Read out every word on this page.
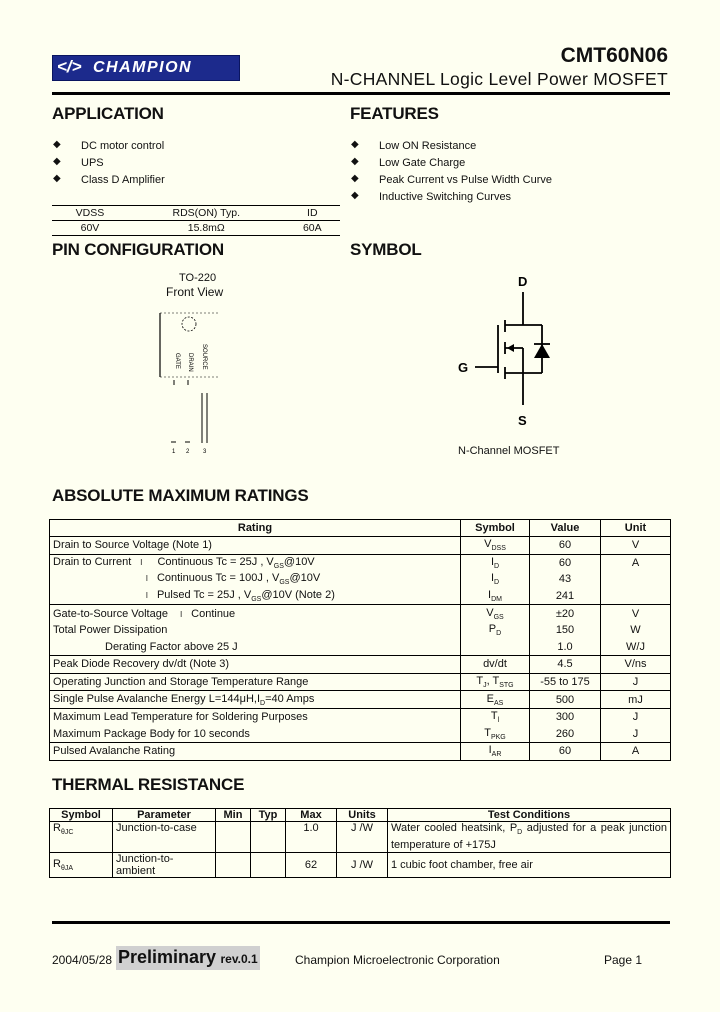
</> CHAMPION
CMT60N06
N-CHANNEL Logic Level Power MOSFET
APPLICATION
◆ DC motor control
◆ UPS
◆ Class D Amplifier
FEATURES
◆ Low ON Resistance
◆ Low Gate Charge
◆ Peak Current vs Pulse Width Curve
◆ Inductive Switching Curves
VDSS	RDS(ON) Typ.	ID
60V	15.8mΩ	60A
PIN CONFIGURATION
TO-220
Front View
GATE DRAIN SOURCE
1 2 3
SYMBOL
D
G
S
N-Channel MOSFET
ABSOLUTE MAXIMUM RATINGS
Rating	Symbol	Value	Unit
Drain to Source Voltage (Note 1)	$V_{DSS}$	60	V
Drain to Current   l     Continuous Tc = 25J , $V_{GS}@10V$	$I_D$	60	A
l   Continuous Tc = 100J , $V_{GS}@10V$	$I_D$	43	
l   Pulsed Tc = 25J , $V_{GS}@10V$ (Note 2)	$I_{DM}$	241	
Gate-to-Source Voltage    l   Continue	$V_{GS}$	±20	V
Total Power Dissipation	$P_D$	150	W
Derating Factor above 25 J		1.0	W/J
Peak Diode Recovery dv/dt (Note 3)	dv/dt	4.5	V/ns
Operating Junction and Storage Temperature Range	$T_J$, $T_{STG}$	-55 to 175	J
Single Pulse Avalanche Energy $L=144\mu H,I_D=40$ Amps	$E_{AS}$	500	mJ
Maximum Lead Temperature for Soldering Purposes	$T_l$	300	J
Maximum Package Body for 10 seconds	$T_{PKG}$	260	J
Pulsed Avalanche Rating	$I_{AR}$	60	A
THERMAL RESISTANCE
Symbol	Parameter	Min	Typ	Max	Units	Test Conditions
$R_{\theta JC}$	Junction-to-case			1.0	J /W	Water cooled heatsink, $P_D$ adjusted for a peak junction temperature of +175J
$R_{\theta JA}$	Junction-to-ambient			62	J /W	1 cubic foot chamber, free air
2004/05/28 Preliminary rev.0.1	Champion Microelectronic Corporation	Page 1
